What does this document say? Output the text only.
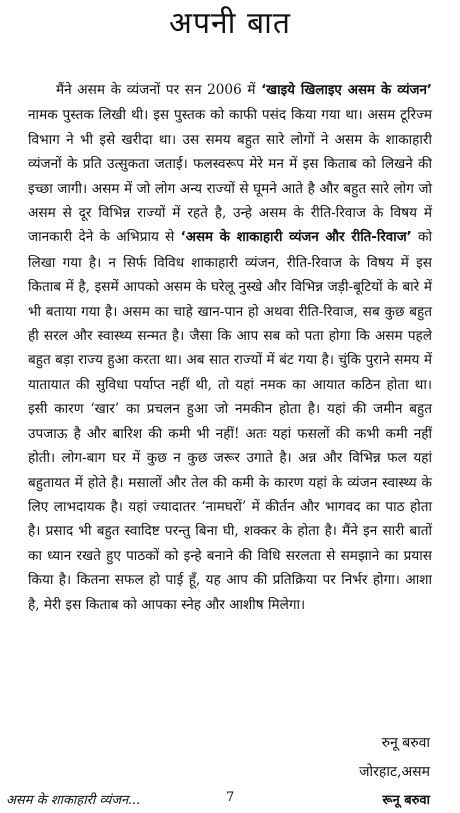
अपनी बात

मैंने असम के व्यंजनों पर सन 2006 में ‘खाइये खिलाइए असम के व्यंजन’ नामक पुस्तक लिखी थी। इस पुस्तक को काफी पसंद किया गया था। असम टूरिज्म विभाग ने भी इसे खरीदा था। उस समय बहुत सारे लोगों ने असम के शाकाहारी व्यंजनों के प्रति उत्सुकता जताई। फलस्वरूप मेरे मन में इस किताब को लिखने की इच्छा जागी। असम में जो लोग अन्य राज्यों से घूमने आते है और बहुत सारे लोग जो असम से दूर विभिन्न राज्यों में रहते है, उन्हे असम के रीति-रिवाज के विषय में जानकारी देने के अभिप्राय से ‘असम के शाकाहारी व्यंजन और रीति-रिवाज’ को लिखा गया है। न सिर्फ विविध शाकाहारी व्यंजन, रीति-रिवाज के विषय में इस किताब में है, इसमें आपको असम के घरेलू नुस्खे और विभिन्न जड़ी-बूटियों के बारे में भी बताया गया है। असम का चाहे खान-पान हो अथवा रीति-रिवाज, सब कुछ बहुत ही सरल और स्वास्थ्य सन्मत है। जैसा कि आप सब को पता होगा कि असम पहले बहुत बड़ा राज्य हुआ करता था। अब सात राज्यों में बंट गया है। चुंकि पुराने समय में यातायात की सुविधा पर्याप्त नहीं थी, तो यहां नमक का आयात कठिन होता था। इसी कारण ‘खार’ का प्रचलन हुआ जो नमकीन होता है। यहां की जमीन बहुत उपजाऊ है और बारिश की कमी भी नहीं! अतः यहां फसलों की कभी कमी नहीं होती। लोग-बाग घर में कुछ न कुछ जरूर उगाते है। अन्न और विभिन्न फल यहां बहुतायत में होते है। मसालों और तेल की कमी के कारण यहां के व्यंजन स्वास्थ्य के लिए लाभदायक है। यहां ज्यादातर ‘नामघरों’ में कीर्तन और भागवद का पाठ होता है। प्रसाद भी बहुत स्वादिष्ट परन्तु बिना घी, शक्कर के होता है। मैंने इन सारी बातों का ध्यान रखते हुए पाठकों को इन्हे बनाने की विधि सरलता से समझाने का प्रयास किया है। कितना सफल हो पाई हूँ, यह आप की प्रतिक्रिया पर निर्भर होगा। आशा है, मेरी इस किताब को आपका स्नेह और आशीष मिलेगा।

रुनू बरुवा
जोरहाट,असम
असम के शाकाहारी व्यंजन...	7	रूनू बरुवा
